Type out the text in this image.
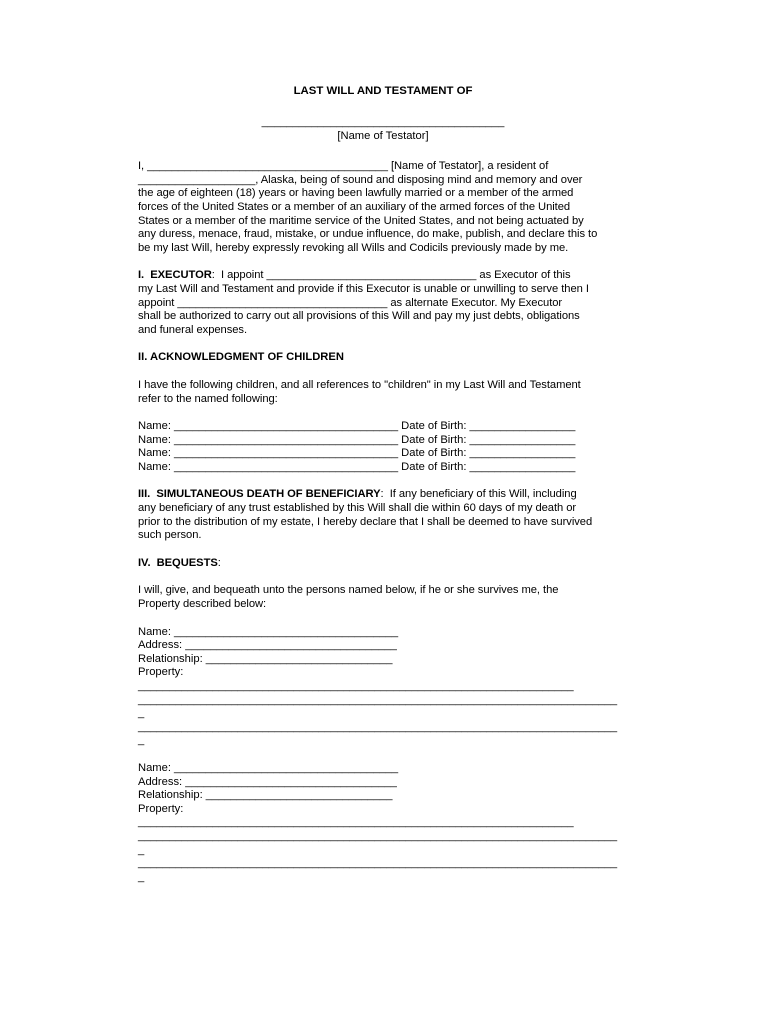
LAST WILL AND TESTAMENT OF

_______________________________________
[Name of Testator]

I, _______________________________________ [Name of Testator], a resident of

___________________, Alaska, being of sound and disposing mind and memory and over

the age of eighteen (18) years or having been lawfully married or a member of the armed

forces of the United States or a member of an auxiliary of the armed forces of the United

States or a member of the maritime service of the United States, and not being actuated by

any duress, menace, fraud, mistake, or undue influence, do make, publish, and declare this to

be my last Will, hereby expressly revoking all Wills and Codicils previously made by me.

I.  EXECUTOR:  I appoint __________________________________ as Executor of this

my Last Will and Testament and provide if this Executor is unable or unwilling to serve then I

appoint __________________________________ as alternate Executor. My Executor

shall be authorized to carry out all provisions of this Will and pay my just debts, obligations

and funeral expenses.

II. ACKNOWLEDGMENT OF CHILDREN

I have the following children, and all references to "children" in my Last Will and Testament

refer to the named following:

Name: ____________________________________ Date of Birth: _________________

Name: ____________________________________ Date of Birth: _________________

Name: ____________________________________ Date of Birth: _________________

Name: ____________________________________ Date of Birth: _________________

III.  SIMULTANEOUS DEATH OF BENEFICIARY:  If any beneficiary of this Will, including

any beneficiary of any trust established by this Will shall die within 60 days of my death or

prior to the distribution of my estate, I hereby declare that I shall be deemed to have survived

such person.

IV.  BEQUESTS:

I will, give, and bequeath unto the persons named below, if he or she survives me, the

Property described below:

Name: ____________________________________

Address: __________________________________

Relationship: ______________________________

Property:

______________________________________________________________________

_____________________________________________________________________________

_

_____________________________________________________________________________

_

Name: ____________________________________

Address: __________________________________

Relationship: ______________________________

Property:

______________________________________________________________________

_____________________________________________________________________________

_

_____________________________________________________________________________

_
